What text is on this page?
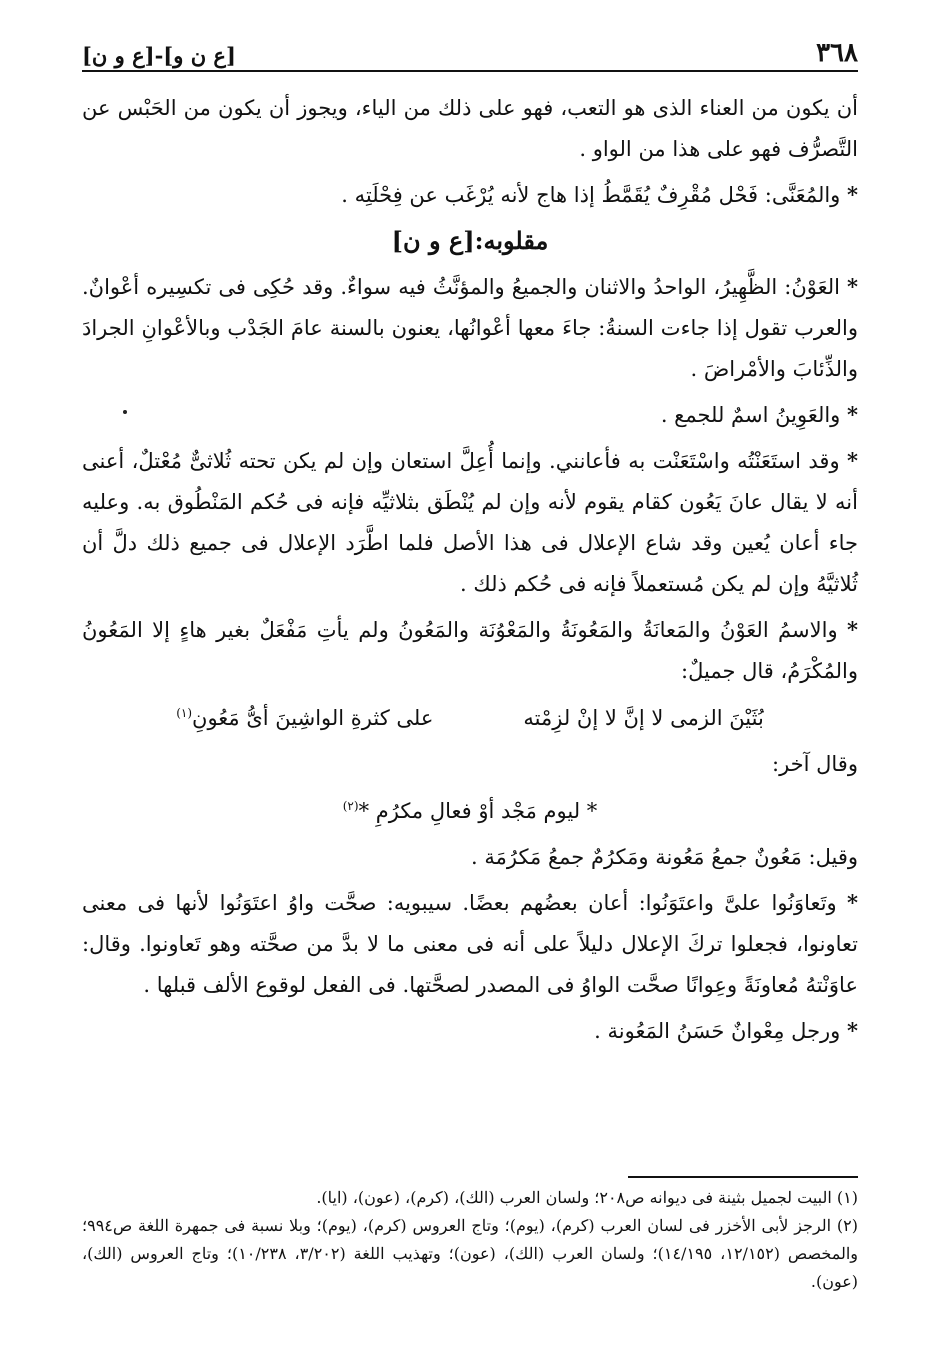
٣٦٨
[ع ن و]-[ع و ن]

أن يكون من العناء الذى هو التعب، فهو على ذلك من الياء، ويجوز أن يكون من الحَبْس عن التَّصرُّف فهو على هذا من الواو .

* والمُعَنَّى: فَحْل مُقْرِفٌ يُقَمَّطُ إذا هاج لأنه يُرْغَب عن فِحْلَتِه .

مقلوبه:[ع و ن]

* العَوْنُ: الظَّهِيرُ، الواحدُ والاثنان والجميعُ والمؤنَّثُ فيه سواءٌ. وقد حُكِى فى تكسِيره أعْوانٌ. والعرب تقول إذا جاءت السنةُ: جاءَ معها أعْوانُها، يعنون بالسنة عامَ الجَدْب وبالأعْوانِ الجرادَ والذِّئابَ والأمْراضَ .

* والعَوِينُ اسمٌ للجمع .

* وقد استَعَنْتُه واسْتَعَنْت به فأعانني. وإنما أُعِلَّ استعان وإن لم يكن تحته ثُلاثىٌّ مُعْتلٌ، أعنى أنه لا يقال عانَ يَعُون كقام يقوم لأنه وإن لم يُنْطَق بثلاثيِّه فإنه فى حُكم المَنْطُوق به. وعليه جاء أعان يُعين وقد شاع الإعلال فى هذا الأصل فلما اطَّرَد الإعلال فى جميع ذلك دلَّ أن ثُلاثيَّهُ وإن لم يكن مُستعملاً فإنه فى حُكم ذلك .

* والاسمُ العَوْنُ والمَعانَةُ والمَعُونَةُ والمَعْوُنَة والمَعُونُ ولم يأتِ مَفْعَلٌ بغير هاءٍ إلا المَعُونُ والمُكْرَمُ، قال جميلٌ:

بُثَيْنَ الزمى لا إنَّ لا إنْ لزِمْته
على كثرةِ الواشِينَ أىُّ مَعُونِ$^{(١)}$

وقال آخر:

* ليوم مَجْد أوْ فعالِ مكرُمِ *$^{(٢)}$

وقيل: مَعُونٌ جمعُ مَعُونة ومَكرُمٌ جمعُ مَكرُمَة .

* وتَعاوَنُوا علىَّ واعتَوَنُوا: أعان بعضُهم بعضًا. سيبويه: صحَّت واوُ اعتَوَنُوا لأنها فى معنى تعاونوا، فجعلوا تركَ الإعلال دليلاً على أنه فى معنى ما لا بدَّ من صحَّته وهو تَعاونوا. وقال: عاوَنْتهُ مُعاونَةً وعِوانًا صحَّت الواوُ فى المصدر لصحَّتها. فى الفعل لوقوع الألف قبلها .

* ورجل مِعْوانٌ حَسَنُ المَعُونة .

(١) البيت لجميل بثينة فى ديوانه ص٢٠٨؛ ولسان العرب (الك)، (كرم)، (عون)، (ايا).

(٢) الرجز لأبى الأخزر فى لسان العرب (كرم)، (يوم)؛ وتاج العروس (كرم)، (يوم)؛ وبلا نسبة فى جمهرة اللغة ص٩٩٤؛ والمخصص (١٢/١٥٢، ١٤/١٩٥)؛ ولسان العرب (الك)، (عون)؛ وتهذيب اللغة (٣/٢٠٢، ١٠/٢٣٨)؛ وتاج العروس (الك)، (عون).
